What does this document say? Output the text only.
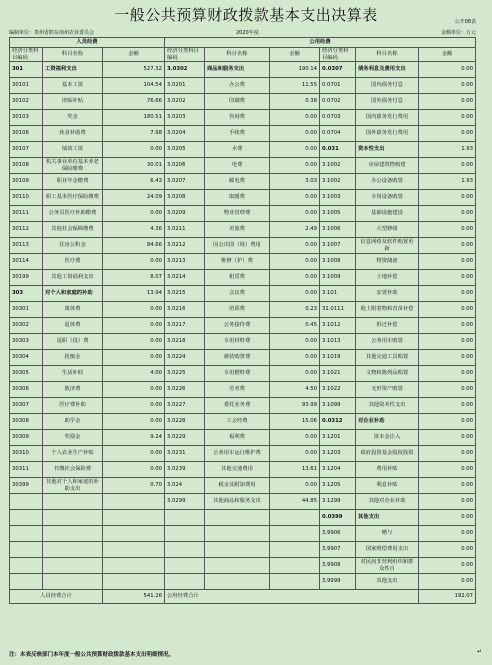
一般公共预算财政拨款基本支出决算表	公开08表
编制单位：贵州省黔东南州农业委员会	2020年度	金额单位：万元
人员经费			公用经费					
经济分类科目编码	科目名称	金额	经济分类科目编码	科目名称	金额	经济分类科目编码	科目名称	金额
301	工资福利支出	527.32	3.0302	商品和服务支出	190.14	0.0307	债务利息及费用支出	0.00
30101	基本工资	104.54	3.0201	办公费	11.55	0.0701	国内债务付息	0.00
30102	津贴补贴	76.66	3.0202	印刷费	0.38	0.0702	国外债务付息	0.00
30103	奖金	180.51	3.0203	咨询费	0.00	0.0703	国内债务发行费用	0.00
30106	伙食补助费	7.98	3.0204	手续费	0.00	0.0704	国外债务发行费用	0.00
30107	绩效工资	0.00	3.0205	水费	0.00	0.031	资本性支出	1.93
30108	机关事业单位基本养老保险缴费	30.01	3.0206	电费	0.00	3.1002	房屋建筑物购建	0.00
30109	职业年金缴费	6.43	3.0207	邮电费	3.03	3.1002	办公设备购置	1.93
30110	职工基本医疗保险缴费	24.09	3.0208	取暖费	0.00	3.1003	专用设备购置	0.00
30111	公务员医疗补助缴费	0.00	3.0209	物业管理费	0.00	3.1005	基础设施建设	0.00
30112	其他社会保障缴费	4.36	3.0211	差旅费	2.49	3.1006	大型修缮	0.00
30113	住房公积金	84.66	3.0212	因公出国（境）费用	0.00	3.1007	信息网络及软件购置更新	0.00
30114	医疗费	0.00	3.0213	维修（护）费	0.00	3.1008	物资储备	0.00
30199	其他工资福利支出	8.07	3.0214	租赁费	0.00	3.1009	土地补偿	0.00
303	对个人和家庭的补助	13.94	3.0215	会议费	0.00	3.101	安置补助	0.00
30301	离休费	0.00	3.0216	培训费	0.23	31.0111	地上附着物和青苗补偿	0.00
30302	退休费	0.00	3.0217	公务接待费	0.45	3.1012	拆迁补偿	0.00
30303	退职（役）费	0.00	3.0218	专用材料费	0.00	3.1013	公务用车购置	0.00
30304	抚恤金	0.00	3.0224	被装购置费	0.00	3.1019	其他交通工具购置	0.00
30305	生活补助	4.00	3.0225	专用燃料费	0.00	3.1021	文物和陈列品购置	0.00
30306	救济费	0.00	3.0226	劳务费	4.50	3.1022	无形资产购置	0.00
30307	医疗费补助	0.00	3.0227	委托业务费	93.99	3.1099	其他资本性支出	0.00
30308	助学金	0.00	3.0228	工会经费	15.06	0.0312	对企业补助	0.00
30309	奖励金	9.24	3.0229	福利费	0.00	3.1201	资本金注入	0.00
30310	个人农业生产补贴	0.00	3.0231	公务用车运行维护费	0.00	3.1203	政府投资基金股权投资	0.00
30311	代缴社会保险费	0.00	3.0239	其他交通费用	13.61	3.1204	费用补贴	0.00
30399	其他对个人和家庭的补助支出	0.70	3.024	税金及附加费用	0.00	3.1205	利息补贴	0.00
			3.0299	其他商品和服务支出	44.85	3.1299	其他对企业补助	0.00
						0.0399	其他支出	0.00
						3.9906	赠与	0.00
						3.9907	国家赔偿费用支出	0.00
						3.9908	对民间非营利组织和群众性自	0.00
						3.9999	其他支出	0.00
人员经费合计		541.26	公用经费合计					192.07
注：本表反映部门本年度一般公共预算财政拨款基本支出明细情况。	↵
